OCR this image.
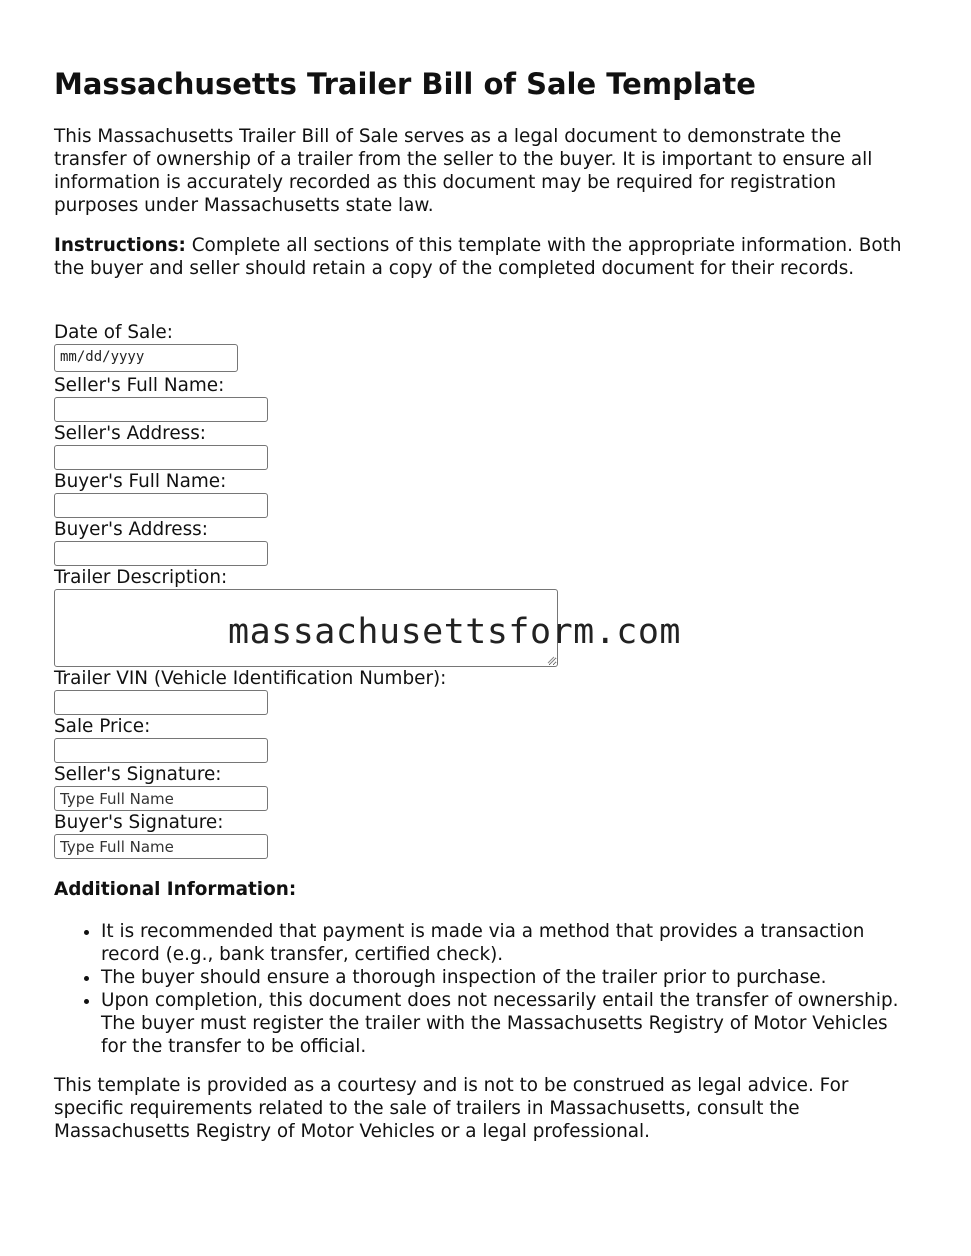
Massachusetts Trailer Bill of Sale Template

This Massachusetts Trailer Bill of Sale serves as a legal document to demonstrate the transfer of ownership of a trailer from the seller to the buyer. It is important to ensure all information is accurately recorded as this document may be required for registration purposes under Massachusetts state law.

Instructions: Complete all sections of this template with the appropriate information. Both the buyer and seller should retain a copy of the completed document for their records.

Date of Sale:
mm/dd/yyyy
Seller's Full Name:
Seller's Address:
Buyer's Full Name:
Buyer's Address:
Trailer Description:
Trailer VIN (Vehicle Identification Number):
Sale Price:
Seller's Signature:
Type Full Name
Buyer's Signature:
Type Full Name
Additional Information:
• It is recommended that payment is made via a method that provides a transaction record (e.g., bank transfer, certified check).
• The buyer should ensure a thorough inspection of the trailer prior to purchase.
• Upon completion, this document does not necessarily entail the transfer of ownership. The buyer must register the trailer with the Massachusetts Registry of Motor Vehicles for the transfer to be official.

This template is provided as a courtesy and is not to be construed as legal advice. For specific requirements related to the sale of trailers in Massachusetts, consult the Massachusetts Registry of Motor Vehicles or a legal professional.

massachusettsform.com
